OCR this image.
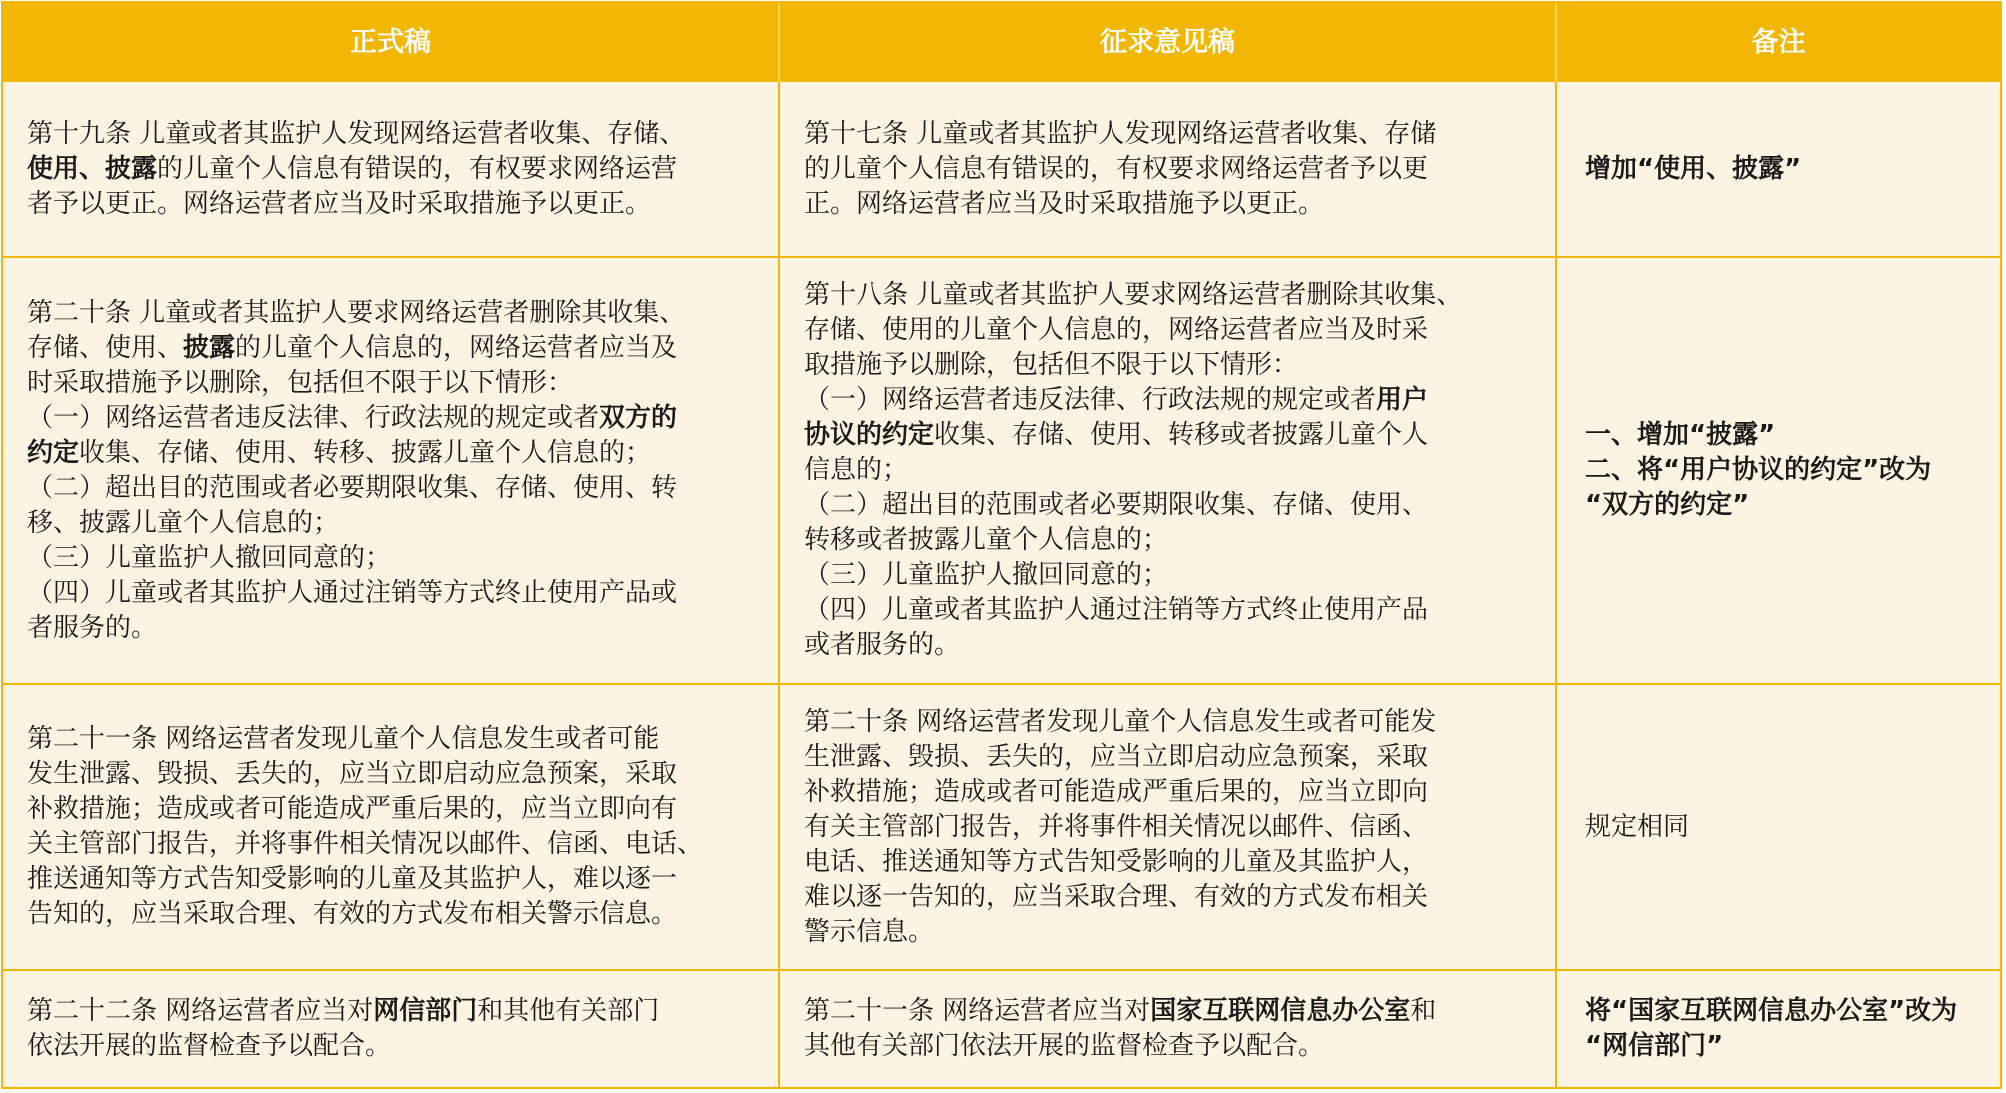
正式稿	征求意见稿	备注
第十九条 儿童或者其监护人发现网络运营者收集、存储、
使用、披露的儿童个人信息有错误的，有权要求网络运营
者予以更正。网络运营者应当及时采取措施予以更正。
第十七条 儿童或者其监护人发现网络运营者收集、存储
的儿童个人信息有错误的，有权要求网络运营者予以更
正。网络运营者应当及时采取措施予以更正。
增加“使用、披露”
第二十条 儿童或者其监护人要求网络运营者删除其收集、
存储、使用、披露的儿童个人信息的，网络运营者应当及
时采取措施予以删除，包括但不限于以下情形：
（一）网络运营者违反法律、行政法规的规定或者双方的
约定收集、存储、使用、转移、披露儿童个人信息的；
（二）超出目的范围或者必要期限收集、存储、使用、转
移、披露儿童个人信息的；
（三）儿童监护人撤回同意的；
（四）儿童或者其监护人通过注销等方式终止使用产品或
者服务的。
第十八条 儿童或者其监护人要求网络运营者删除其收集、
存储、使用的儿童个人信息的，网络运营者应当及时采
取措施予以删除，包括但不限于以下情形：
（一）网络运营者违反法律、行政法规的规定或者用户
协议的约定收集、存储、使用、转移或者披露儿童个人
信息的；
（二）超出目的范围或者必要期限收集、存储、使用、
转移或者披露儿童个人信息的；
（三）儿童监护人撤回同意的；
（四）儿童或者其监护人通过注销等方式终止使用产品
或者服务的。
一、增加“披露”
二、将“用户协议的约定”改为
“双方的约定”
第二十一条 网络运营者发现儿童个人信息发生或者可能
发生泄露、毁损、丢失的，应当立即启动应急预案，采取
补救措施；造成或者可能造成严重后果的，应当立即向有
关主管部门报告，并将事件相关情况以邮件、信函、电话、
推送通知等方式告知受影响的儿童及其监护人，难以逐一
告知的，应当采取合理、有效的方式发布相关警示信息。
第二十条 网络运营者发现儿童个人信息发生或者可能发
生泄露、毁损、丢失的，应当立即启动应急预案，采取
补救措施；造成或者可能造成严重后果的，应当立即向
有关主管部门报告，并将事件相关情况以邮件、信函、
电话、推送通知等方式告知受影响的儿童及其监护人，
难以逐一告知的，应当采取合理、有效的方式发布相关
警示信息。
规定相同
第二十二条 网络运营者应当对网信部门和其他有关部门
依法开展的监督检查予以配合。
第二十一条 网络运营者应当对国家互联网信息办公室和
其他有关部门依法开展的监督检查予以配合。
将“国家互联网信息办公室”改为
“网信部门”
